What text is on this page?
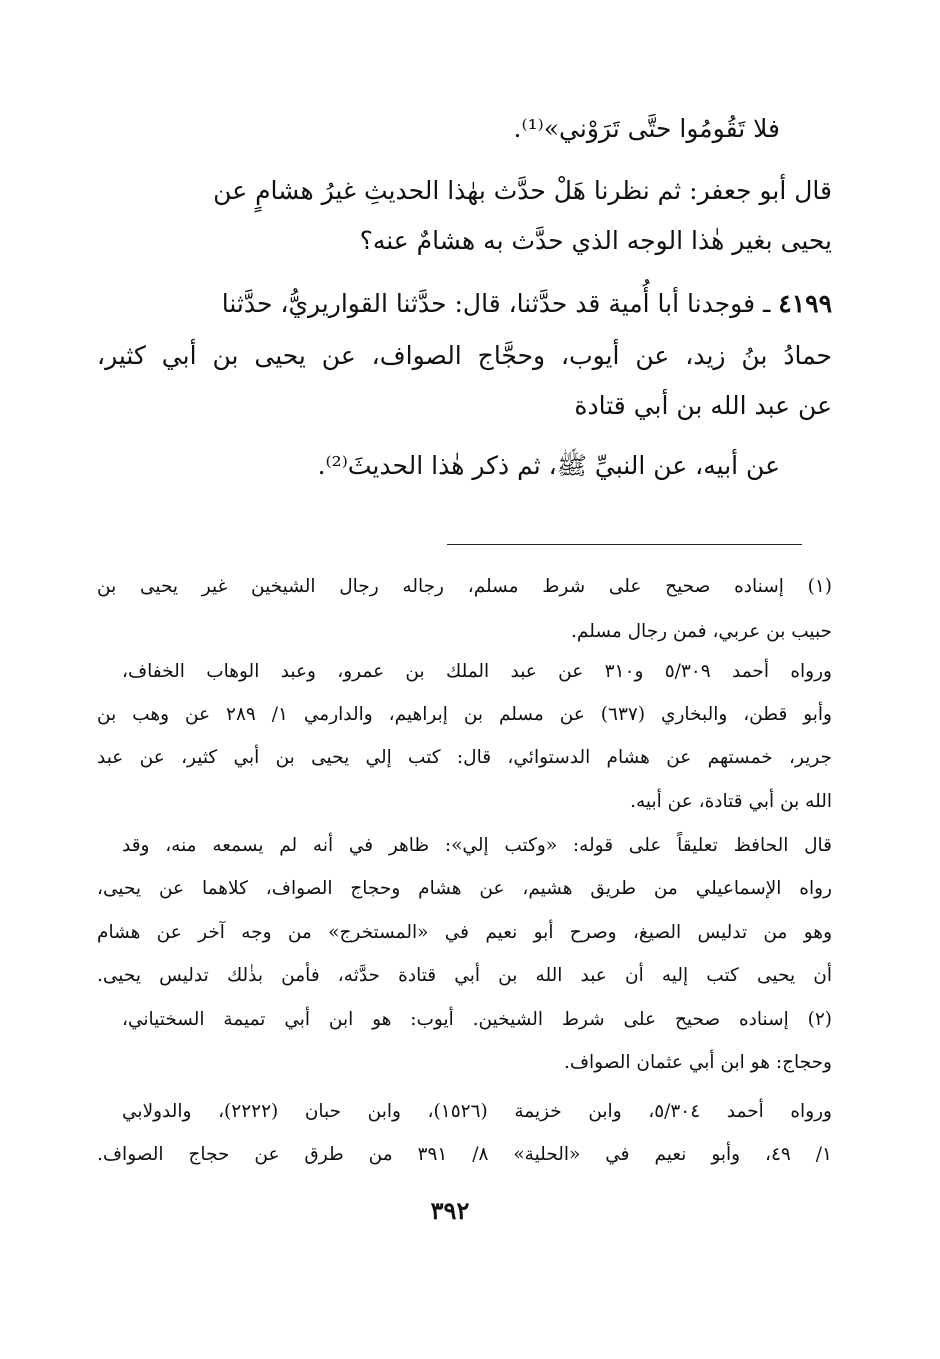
فلا تَقُومُوا حتَّى تَرَوْني»⁽¹⁾.
قال أبو جعفر: ثم نظرنا هَلْ حدَّث بهٰذا الحديثِ غيرُ هشامٍ عن
يحيى بغير هٰذا الوجه الذي حدَّث به هشامٌ عنه؟
٤١٩٩ ـ فوجدنا أبا أُمية قد حدَّثنا، قال: حدَّثنا القواريريُّ، حدَّثنا
حمادُ بنُ زيد، عن أيوب، وحجَّاج الصواف، عن يحيى بن أبي كثير،
عن عبد الله بن أبي قتادة
عن أبيه، عن النبيِّ ﷺ، ثم ذكر هٰذا الحديثَ⁽²⁾.
(١) إسناده صحيح على شرط مسلم، رجاله رجال الشيخين غير يحيى بن
حبيب بن عربي، فمن رجال مسلم.
ورواه أحمد ٥/٣٠٩ و٣١٠ عن عبد الملك بن عمرو، وعبد الوهاب الخفاف،
وأبو قطن، والبخاري (٦٣٧) عن مسلم بن إبراهيم، والدارمي ١/ ٢٨٩ عن وهب بن
جرير، خمستهم عن هشام الدستوائي، قال: كتب إلي يحيى بن أبي كثير، عن عبد
الله بن أبي قتادة، عن أبيه.
قال الحافظ تعليقاً على قوله: «وكتب إلي»: ظاهر في أنه لم يسمعه منه، وقد
رواه الإسماعيلي من طريق هشيم، عن هشام وحجاج الصواف، كلاهما عن يحيى،
وهو من تدليس الصيغ، وصرح أبو نعيم في «المستخرج» من وجه آخر عن هشام
أن يحيى كتب إليه أن عبد الله بن أبي قتادة حدَّثه، فأمن بذٰلك تدليس يحيى.
(٢) إسناده صحيح على شرط الشيخين. أيوب: هو ابن أبي تميمة السختياني،
وحجاج: هو ابن أبي عثمان الصواف.
ورواه أحمد ٥/٣٠٤، وابن خزيمة (١٥٢٦)، وابن حبان (٢٢٢٢)، والدولابي
١/ ٤٩، وأبو نعيم في «الحلية» ٨/ ٣٩١ من طرق عن حجاج الصواف.
٣٩٢
